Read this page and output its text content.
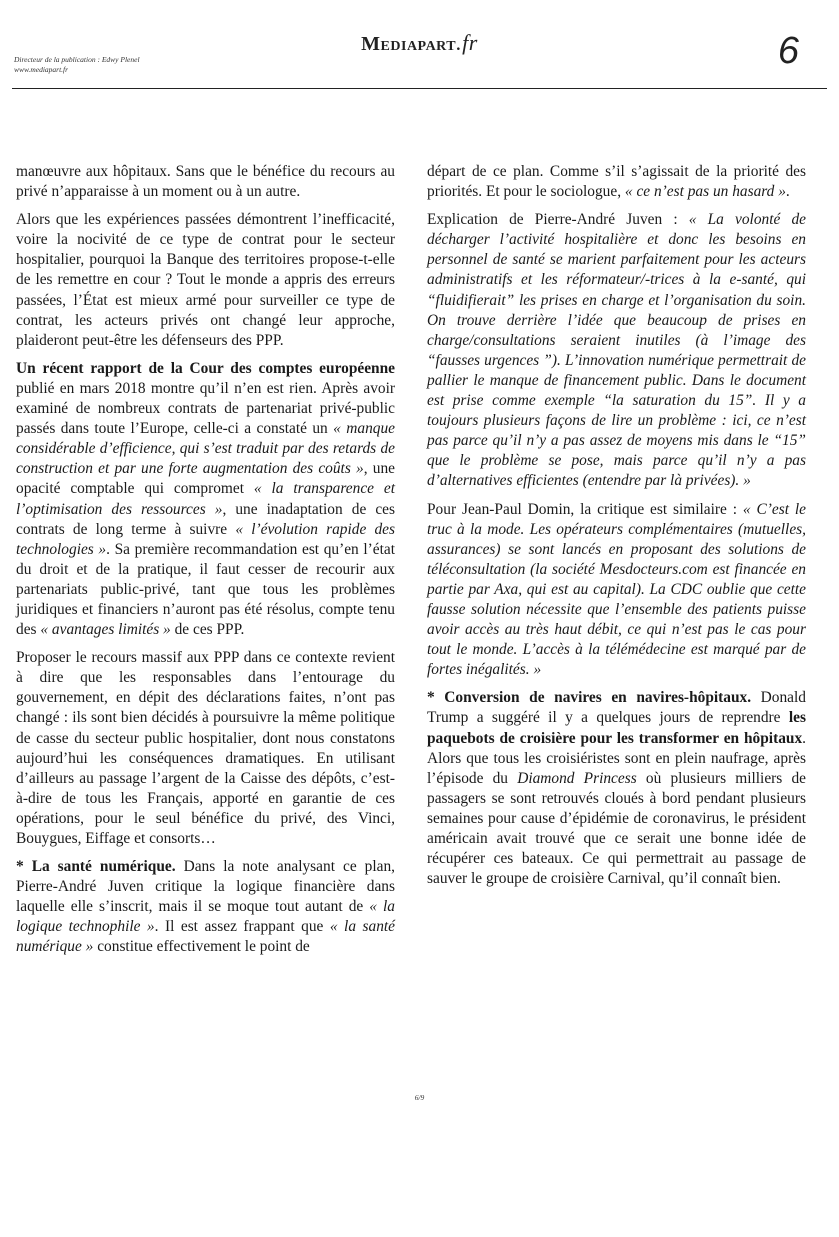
Directeur de la publication : Edwy Plenel
www.mediapart.fr
Mediapart.fr	6

manœuvre aux hôpitaux. Sans que le bénéfice du recours au privé n’apparaisse à un moment ou à un autre.

Alors que les expériences passées démontrent l’inefficacité, voire la nocivité de ce type de contrat pour le secteur hospitalier, pourquoi la Banque des territoires propose-t-elle de les remettre en cour ? Tout le monde a appris des erreurs passées, l’État est mieux armé pour surveiller ce type de contrat, les acteurs privés ont changé leur approche, plaideront peut-être les défenseurs des PPP.

Un récent rapport de la Cour des comptes européenne publié en mars 2018 montre qu’il n’en est rien. Après avoir examiné de nombreux contrats de partenariat privé-public passés dans toute l’Europe, celle-ci a constaté un « manque considérable d’efficience, qui s’est traduit par des retards de construction et par une forte augmentation des coûts », une opacité comptable qui compromet « la transparence et l’optimisation des ressources », une inadaptation de ces contrats de long terme à suivre « l’évolution rapide des technologies ». Sa première recommandation est qu’en l’état du droit et de la pratique, il faut cesser de recourir aux partenariats public-privé, tant que tous les problèmes juridiques et financiers n’auront pas été résolus, compte tenu des « avantages limités » de ces PPP.

Proposer le recours massif aux PPP dans ce contexte revient à dire que les responsables dans l’entourage du gouvernement, en dépit des déclarations faites, n’ont pas changé : ils sont bien décidés à poursuivre la même politique de casse du secteur public hospitalier, dont nous constatons aujourd’hui les conséquences dramatiques. En utilisant d’ailleurs au passage l’argent de la Caisse des dépôts, c’est-à-dire de tous les Français, apporté en garantie de ces opérations, pour le seul bénéfice du privé, des Vinci, Bouygues, Eiffage et consorts…

* La santé numérique. Dans la note analysant ce plan, Pierre-André Juven critique la logique financière dans laquelle elle s’inscrit, mais il se moque tout autant de « la logique technophile ». Il est assez frappant que « la santé numérique » constitue effectivement le point de

départ de ce plan. Comme s’il s’agissait de la priorité des priorités. Et pour le sociologue, « ce n’est pas un hasard ».

Explication de Pierre-André Juven : « La volonté de décharger l’activité hospitalière et donc les besoins en personnel de santé se marient parfaitement pour les acteurs administratifs et les réformateur/-trices à la e-santé, qui “fluidifierait” les prises en charge et l’organisation du soin. On trouve derrière l’idée que beaucoup de prises en charge/consultations seraient inutiles (à l’image des “fausses urgences ”). L’innovation numérique permettrait de pallier le manque de financement public. Dans le document est prise comme exemple “la saturation du 15”. Il y a toujours plusieurs façons de lire un problème : ici, ce n’est pas parce qu’il n’y a pas assez de moyens mis dans le “15” que le problème se pose, mais parce qu’il n’y a pas d’alternatives efficientes (entendre par là privées). »

Pour Jean-Paul Domin, la critique est similaire : « C’est le truc à la mode. Les opérateurs complémentaires (mutuelles, assurances) se sont lancés en proposant des solutions de téléconsultation (la société Mesdocteurs.com est financée en partie par Axa, qui est au capital). La CDC oublie que cette fausse solution nécessite que l’ensemble des patients puisse avoir accès au très haut débit, ce qui n’est pas le cas pour tout le monde. L’accès à la télémédecine est marqué par de fortes inégalités. »

* Conversion de navires en navires-hôpitaux. Donald Trump a suggéré il y a quelques jours de reprendre les paquebots de croisière pour les transformer en hôpitaux. Alors que tous les croisiéristes sont en plein naufrage, après l’épisode du Diamond Princess où plusieurs milliers de passagers se sont retrouvés cloués à bord pendant plusieurs semaines pour cause d’épidémie de coronavirus, le président américain avait trouvé que ce serait une bonne idée de récupérer ces bateaux. Ce qui permettrait au passage de sauver le groupe de croisière Carnival, qu’il connaît bien.

6/9
